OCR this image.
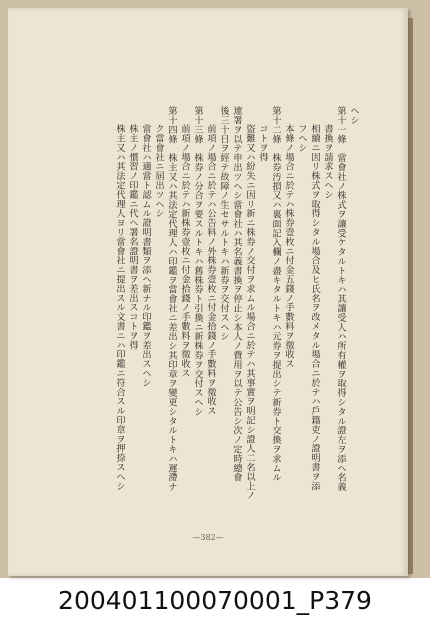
ヘシ
第十一條　當會社ノ株式ヲ讓受ケタルトキハ其讓受人ハ所有權ヲ取得シタル證左ヲ添ヘ名義
書換ヲ請求スヘシ
相續ニ因リ株式ヲ取得シタル場合及ヒ氏名ヲ改メタル場合ニ於テハ戶籍吏ノ證明書ヲ添
フヘシ
本條ノ場合ニ於テハ株券壹枚ニ付金五錢ノ手數料ヲ徵收ス
第十二條　株券汚損又ハ裏面記入欄ノ盡キタルトキハ元券ヲ提出シテ新券ト交換ヲ求ムル
コトヲ得
盜難又ハ紛失ニ因リ新ニ株券ノ交付ヲ求ムル場合ニ於テハ其事實ヲ明記シ證人二名以上ノ
連署ヲ以テ申出ツヘシ當會社ハ其名義書換ヲ停止シ本人ノ費用ヲ以テ公告シ次ノ定時總會
後三十日ヲ經テ故障ノ生セサルトキハ新券ヲ交付スヘシ
前項ノ場合ニ於テハ公告料ノ外株券壹枚ニ付金拾錢ノ手數料ヲ徵收ス
第十三條　株券ノ分合ヲ要スルトキハ舊株券ト引換ニ新株券ヲ交付スヘシ
前項ノ場合ニ於テハ新株券壹枚ニ付金拾錢ノ手數料ヲ徵收ス
第十四條　株主又ハ其法定代理人ハ印鑑ヲ當會社ニ差出シ其印章ヲ變更シタルトキハ遲滯ナ
ク當會社ニ屆出ツヘシ
當會社ハ適當ト認ムル證明書類ヲ添ヘ新ナル印鑑ヲ差出スヘシ
株主ノ慣習ノ印鑑ニ代ヘ署名證明書ヲ差出スコトヲ得
株主又ハ其法定代理人ヨリ當會社ニ提出スル文書ニハ印鑑ニ符合スル印章ヲ押捺スヘシ
—382—
200401100070001_P379
